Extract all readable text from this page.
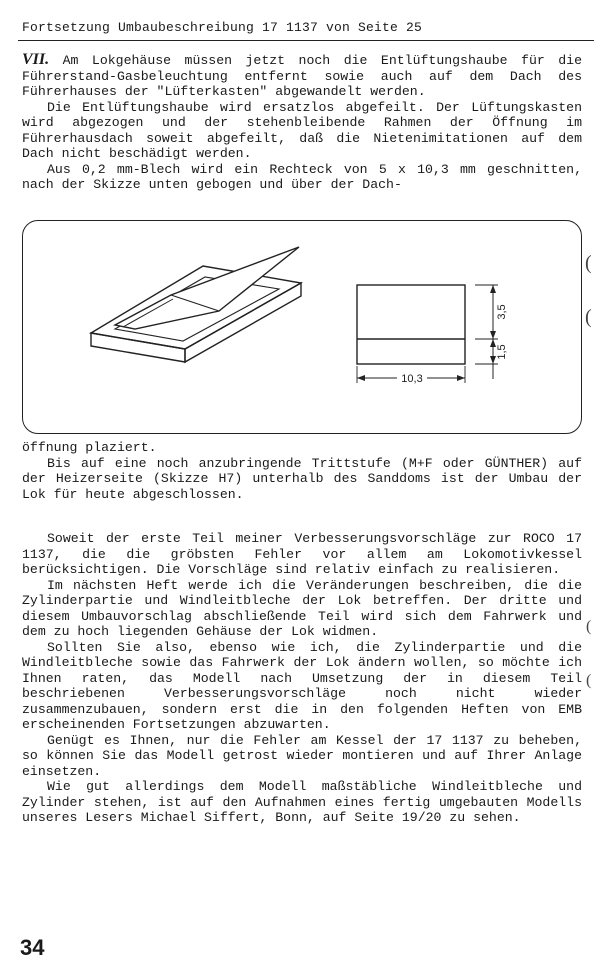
Fortsetzung Umbaubeschreibung 17 1137 von Seite 25

VII. Am Lokgehäuse müssen jetzt noch die Entlüftungshaube für die Führerstand-Gasbeleuchtung entfernt sowie auch auf dem Dach des Führerhauses der "Lüfterkasten" abgewandelt werden.

Die Entlüftungshaube wird ersatzlos abgefeilt. Der Lüftungskasten wird abgezogen und der stehenbleibende Rahmen der Öffnung im Führerhausdach soweit abgefeilt, daß die Nietenimitationen auf dem Dach nicht beschädigt werden.

Aus 0,2 mm-Blech wird ein Rechteck von 5 x 10,3 mm geschnitten, nach der Skizze unten gebogen und über der Dach-

3,5
1,5
10,3
(
(
(
(

öffnung plaziert.

Bis auf eine noch anzubringende Trittstufe (M+F oder GÜNTHER) auf der Heizerseite (Skizze H7) unterhalb des Sanddoms ist der Umbau der Lok für heute abgeschlossen.

Soweit der erste Teil meiner Verbesserungsvorschläge zur ROCO 17 1137, die die gröbsten Fehler vor allem am Lokomotivkessel berücksichtigen. Die Vorschläge sind relativ einfach zu realisieren.

Im nächsten Heft werde ich die Veränderungen beschreiben, die die Zylinderpartie und Windleitbleche der Lok betreffen. Der dritte und diesem Umbauvorschlag abschließende Teil wird sich dem Fahrwerk und dem zu hoch liegenden Gehäuse der Lok widmen.

Sollten Sie also, ebenso wie ich, die Zylinderpartie und die Windleitbleche sowie das Fahrwerk der Lok ändern wollen, so möchte ich Ihnen raten, das Modell nach Umsetzung der in diesem Teil beschriebenen Verbesserungsvorschläge noch nicht wieder zusammenzubauen, sondern erst die in den folgenden Heften von EMB erscheinenden Fortsetzungen abzuwarten.

Genügt es Ihnen, nur die Fehler am Kessel der 17 1137 zu beheben, so können Sie das Modell getrost wieder montieren und auf Ihrer Anlage einsetzen.

Wie gut allerdings dem Modell maßstäbliche Windleitbleche und Zylinder stehen, ist auf den Aufnahmen eines fertig umgebauten Modells unseres Lesers Michael Siffert, Bonn, auf Seite 19/20 zu sehen.

34
